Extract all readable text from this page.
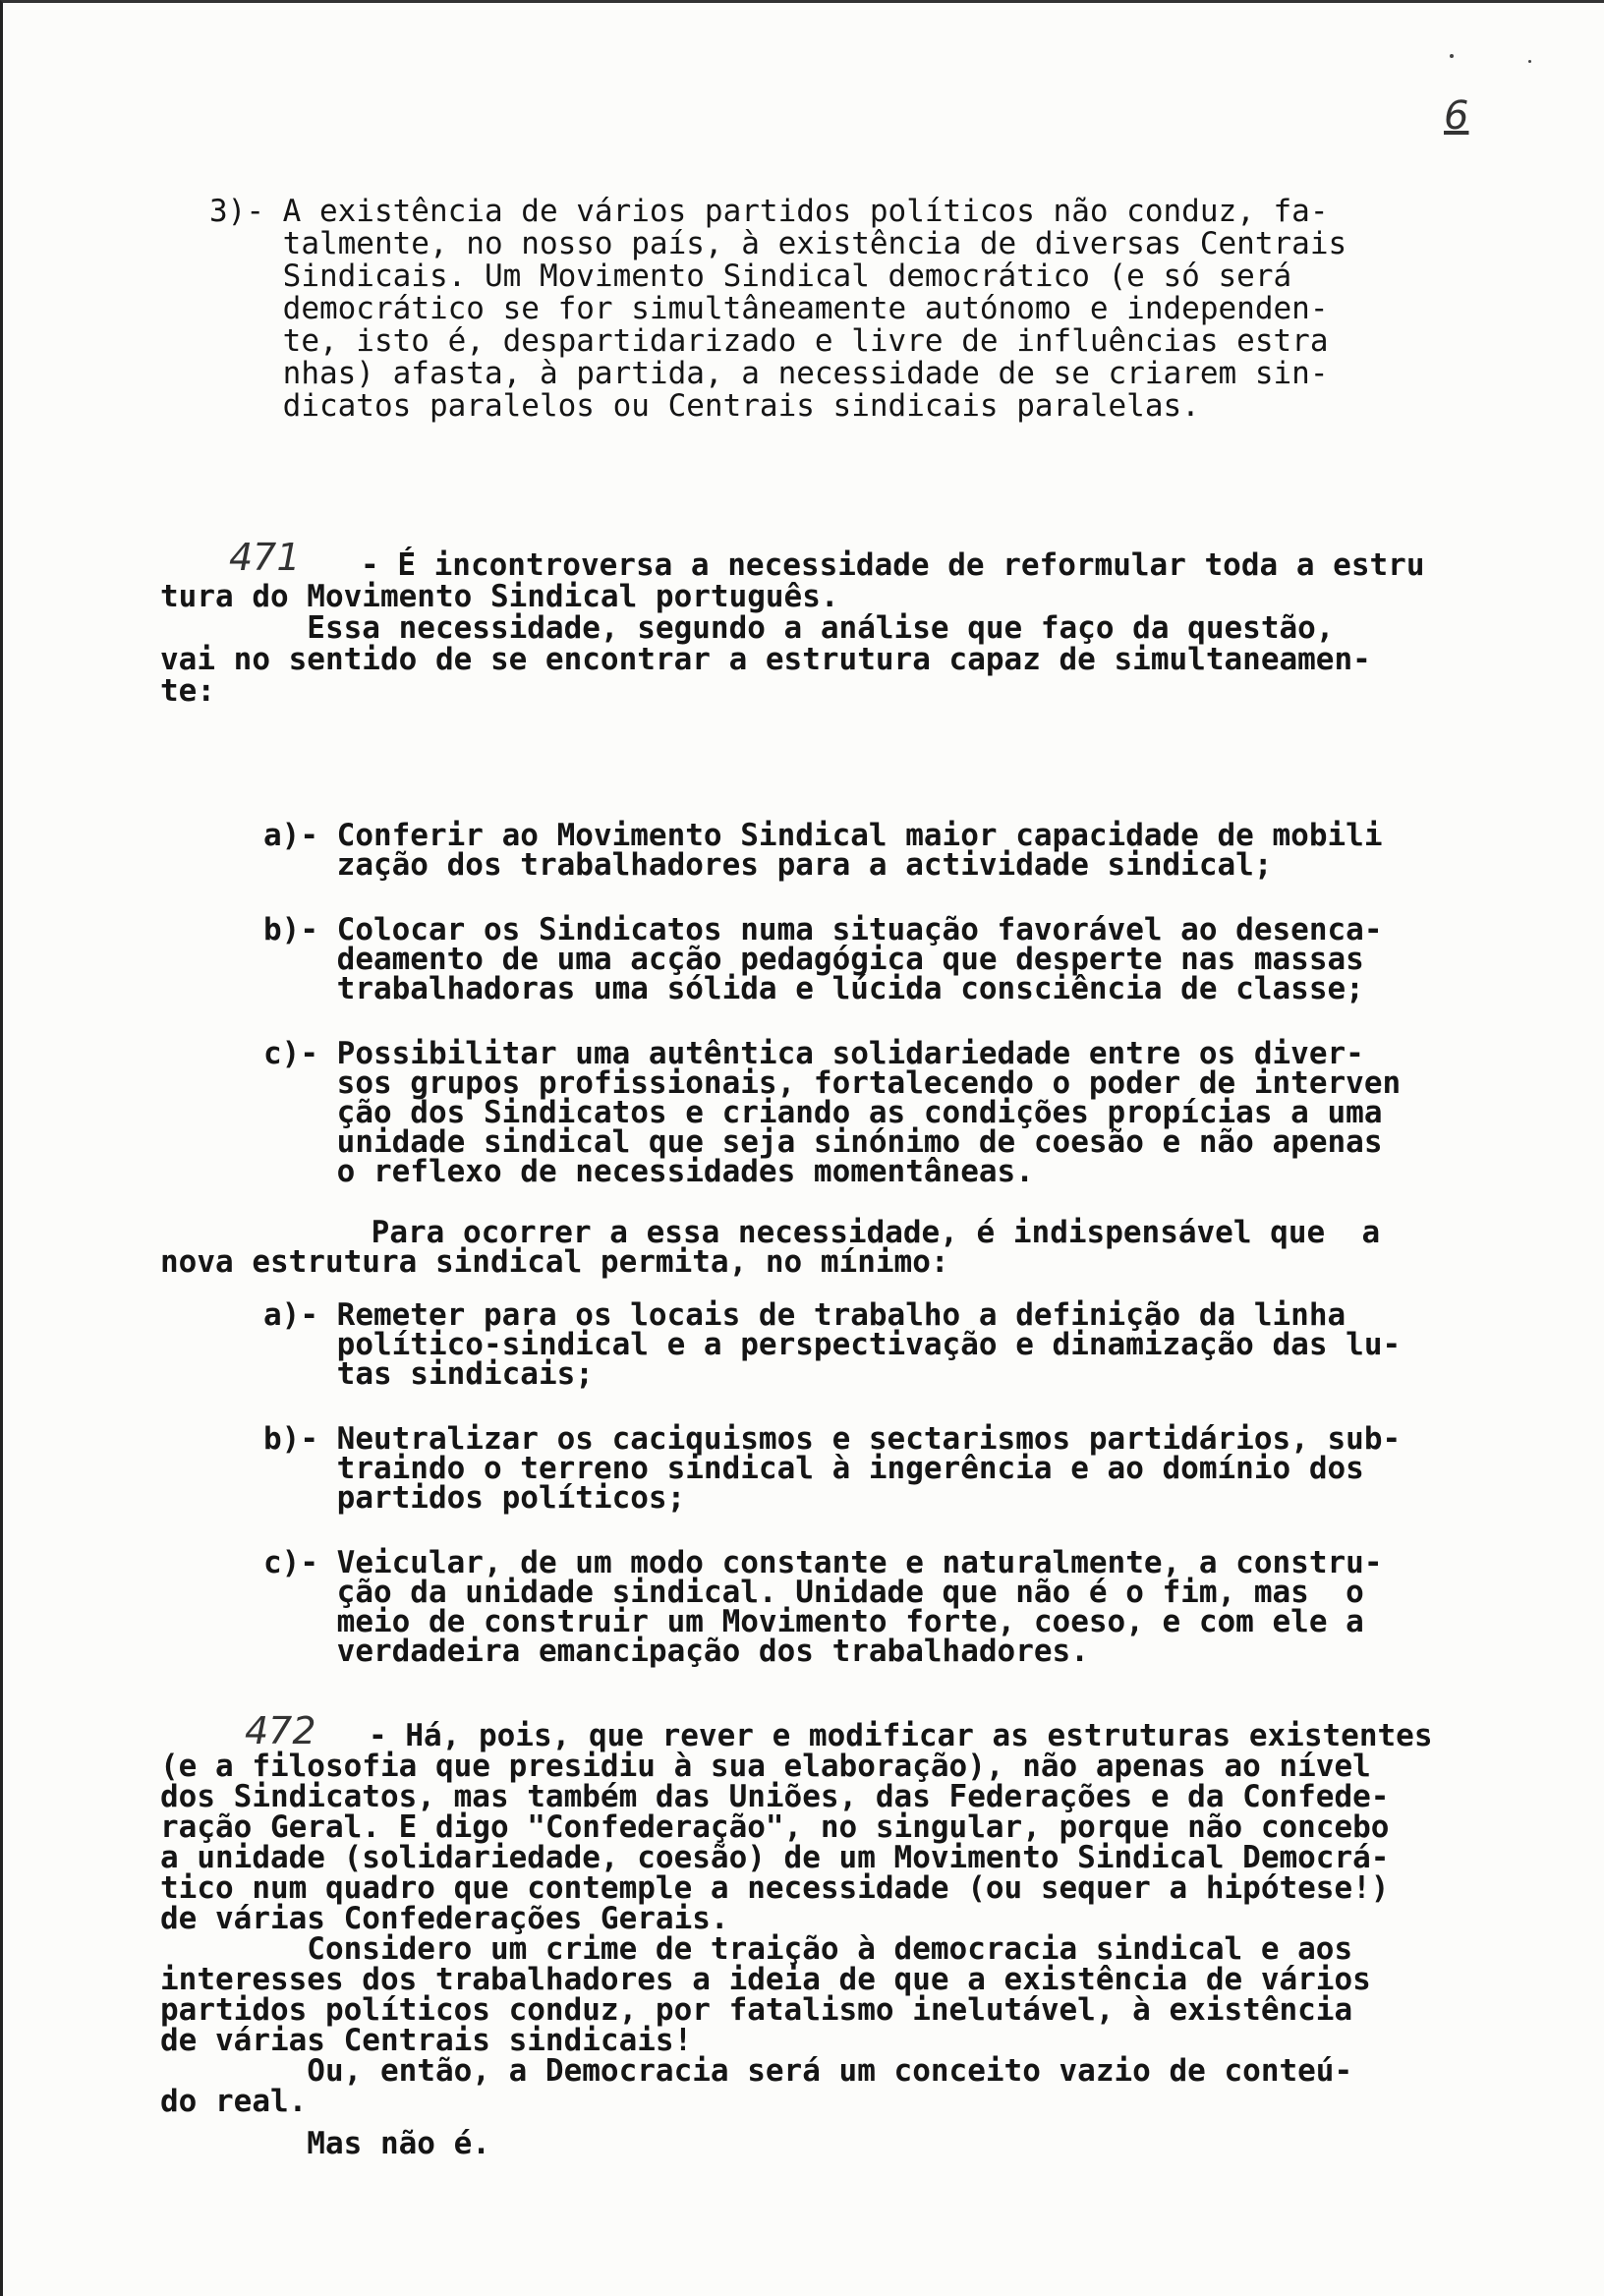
6

3)- A existência de vários partidos políticos não conduz, fa-

talmente, no nosso país, à existência de diversas Centrais

Sindicais. Um Movimento Sindical democrático (e só será

democrático se for simultâneamente autónomo e independen-

te, isto é, despartidarizado e livre de influências estra

nhas) afasta, à partida, a necessidade de se criarem sin-

dicatos paralelos ou Centrais sindicais paralelas.

471 - É incontroversa a necessidade de reformular toda a estru

tura do Movimento Sindical português.

Essa necessidade, segundo a análise que faço da questão,

vai no sentido de se encontrar a estrutura capaz de simultaneamen-

te:

a)- Conferir ao Movimento Sindical maior capacidade de mobili

zação dos trabalhadores para a actividade sindical;

b)- Colocar os Sindicatos numa situação favorável ao desenca-

deamento de uma acção pedagógica que desperte nas massas

trabalhadoras uma sólida e lúcida consciência de classe;

c)- Possibilitar uma autêntica solidariedade entre os diver-

sos grupos profissionais, fortalecendo o poder de interven

ção dos Sindicatos e criando as condições propícias a uma

unidade sindical que seja sinónimo de coesão e não apenas

o reflexo de necessidades momentâneas.

Para ocorrer a essa necessidade, é indispensável que  a

nova estrutura sindical permita, no mínimo:

a)- Remeter para os locais de trabalho a definição da linha

político-sindical e a perspectivação e dinamização das lu-

tas sindicais;

b)- Neutralizar os caciquismos e sectarismos partidários, sub-

traindo o terreno sindical à ingerência e ao domínio dos

partidos políticos;

c)- Veicular, de um modo constante e naturalmente, a constru-

ção da unidade sindical. Unidade que não é o fim, mas  o

meio de construir um Movimento forte, coeso, e com ele a

verdadeira emancipação dos trabalhadores.

472

- Há, pois, que rever e modificar as estruturas existentes

(e a filosofia que presidiu à sua elaboração), não apenas ao nível

dos Sindicatos, mas também das Uniões, das Federações e da Confede-

ração Geral. E digo "Confederação", no singular, porque não concebo

a unidade (solidariedade, coesão) de um Movimento Sindical Democrá-

tico num quadro que contemple a necessidade (ou sequer a hipótese!)

de várias Confederações Gerais.

Considero um crime de traição à democracia sindical e aos

interesses dos trabalhadores a ideia de que a existência de vários

partidos políticos conduz, por fatalismo inelutável, à existência

de várias Centrais sindicais!

Ou, então, a Democracia será um conceito vazio de conteú-

do real.

Mas não é.
